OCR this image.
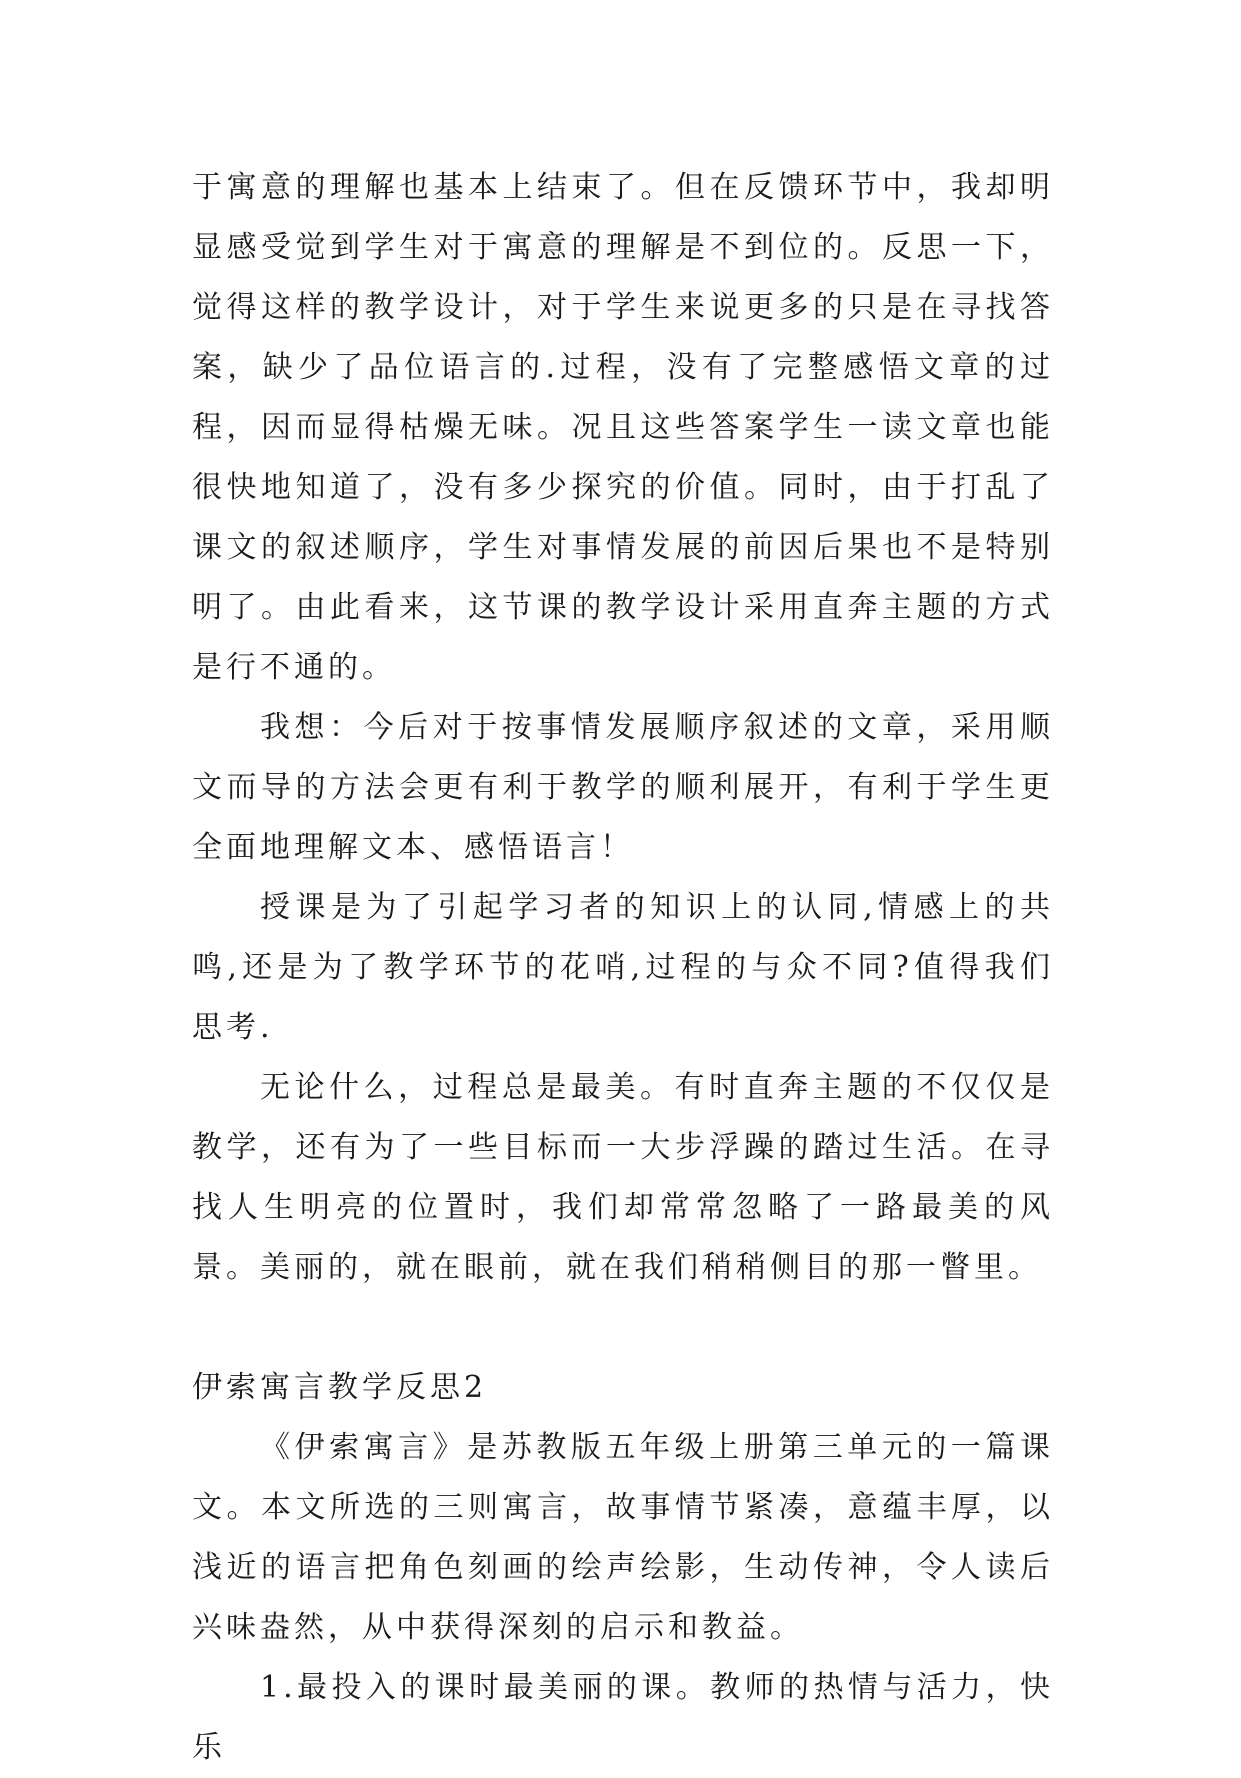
于寓意的理解也基本上结束了。但在反馈环节中，我却明显感受觉到学生对于寓意的理解是不到位的。反思一下，觉得这样的教学设计，对于学生来说更多的只是在寻找答案，缺少了品位语言的.过程，没有了完整感悟文章的过程，因而显得枯燥无味。况且这些答案学生一读文章也能很快地知道了，没有多少探究的价值。同时，由于打乱了课文的叙述顺序，学生对事情发展的前因后果也不是特别明了。由此看来，这节课的教学设计采用直奔主题的方式是行不通的。

我想：今后对于按事情发展顺序叙述的文章，采用顺文而导的方法会更有利于教学的顺利展开，有利于学生更全面地理解文本、感悟语言！

授课是为了引起学习者的知识上的认同,情感上的共鸣,还是为了教学环节的花哨,过程的与众不同?值得我们思考.

无论什么，过程总是最美。有时直奔主题的不仅仅是教学，还有为了一些目标而一大步浮躁的踏过生活。在寻找人生明亮的位置时，我们却常常忽略了一路最美的风景。美丽的，就在眼前，就在我们稍稍侧目的那一瞥里。

伊索寓言教学反思2

《伊索寓言》是苏教版五年级上册第三单元的一篇课文。本文所选的三则寓言，故事情节紧凑，意蕴丰厚，以浅近的语言把角色刻画的绘声绘影，生动传神，令人读后兴味盎然，从中获得深刻的启示和教益。

1.最投入的课时最美丽的课。教师的热情与活力，快乐
